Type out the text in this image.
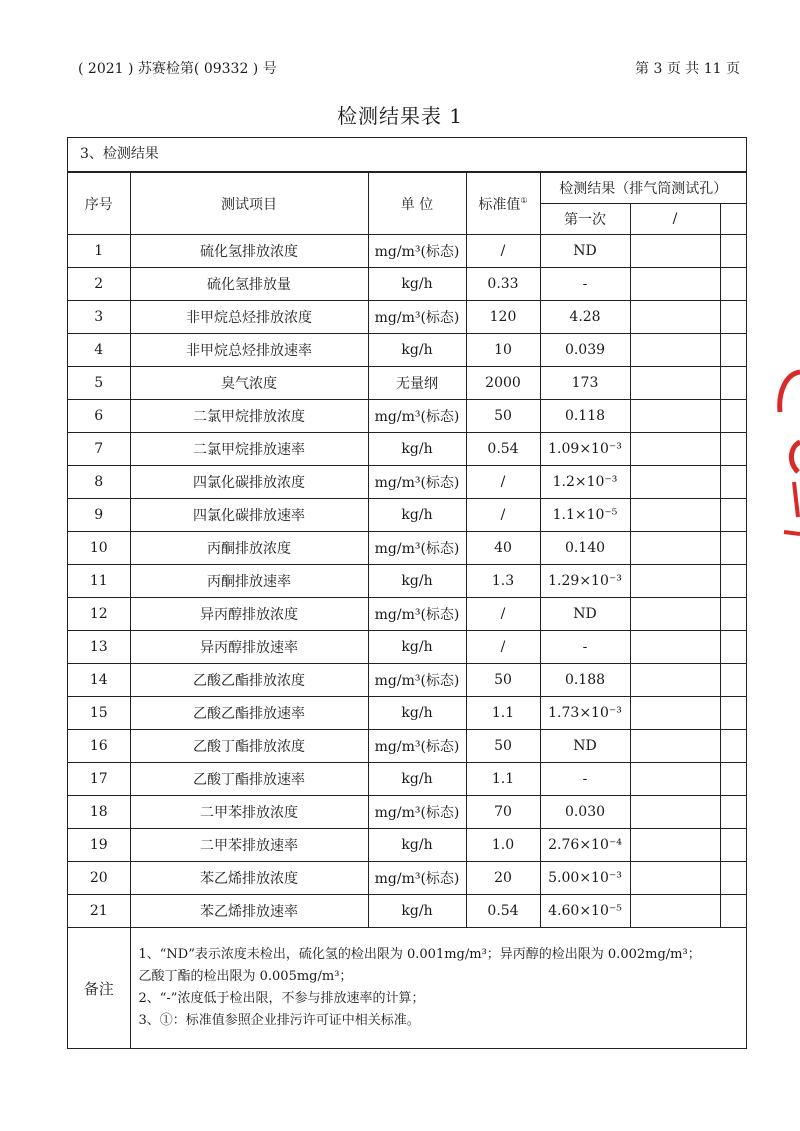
( 2021 ) 苏赛检第( 09332 ) 号	第 3 页 共 11 页
检测结果表 1
3、检测结果
序号	测试项目	单 位	标准值①	检测结果（排气筒测试孔）		
				第一次	/	
1	硫化氢排放浓度	mg/m³(标态)	/	ND		
2	硫化氢排放量	kg/h	0.33	-		
3	非甲烷总烃排放浓度	mg/m³(标态)	120	4.28		
4	非甲烷总烃排放速率	kg/h	10	0.039		
5	臭气浓度	无量纲	2000	173		
6	二氯甲烷排放浓度	mg/m³(标态)	50	0.118		
7	二氯甲烷排放速率	kg/h	0.54	1.09×10⁻³		
8	四氯化碳排放浓度	mg/m³(标态)	/	1.2×10⁻³		
9	四氯化碳排放速率	kg/h	/	1.1×10⁻⁵		
10	丙酮排放浓度	mg/m³(标态)	40	0.140		
11	丙酮排放速率	kg/h	1.3	1.29×10⁻³		
12	异丙醇排放浓度	mg/m³(标态)	/	ND		
13	异丙醇排放速率	kg/h	/	-		
14	乙酸乙酯排放浓度	mg/m³(标态)	50	0.188		
15	乙酸乙酯排放速率	kg/h	1.1	1.73×10⁻³		
16	乙酸丁酯排放浓度	mg/m³(标态)	50	ND		
17	乙酸丁酯排放速率	kg/h	1.1	-		
18	二甲苯排放浓度	mg/m³(标态)	70	0.030		
19	二甲苯排放速率	kg/h	1.0	2.76×10⁻⁴		
20	苯乙烯排放浓度	mg/m³(标态)	20	5.00×10⁻³		
21	苯乙烯排放速率	kg/h	0.54	4.60×10⁻⁵		
备注	1、“ND”表示浓度未检出，硫化氢的检出限为 0.001mg/m³；异丙醇的检出限为 0.002mg/m³；
乙酸丁酯的检出限为 0.005mg/m³；
2、“-”浓度低于检出限，不参与排放速率的计算；
3、①：标准值参照企业排污许可证中相关标准。					
